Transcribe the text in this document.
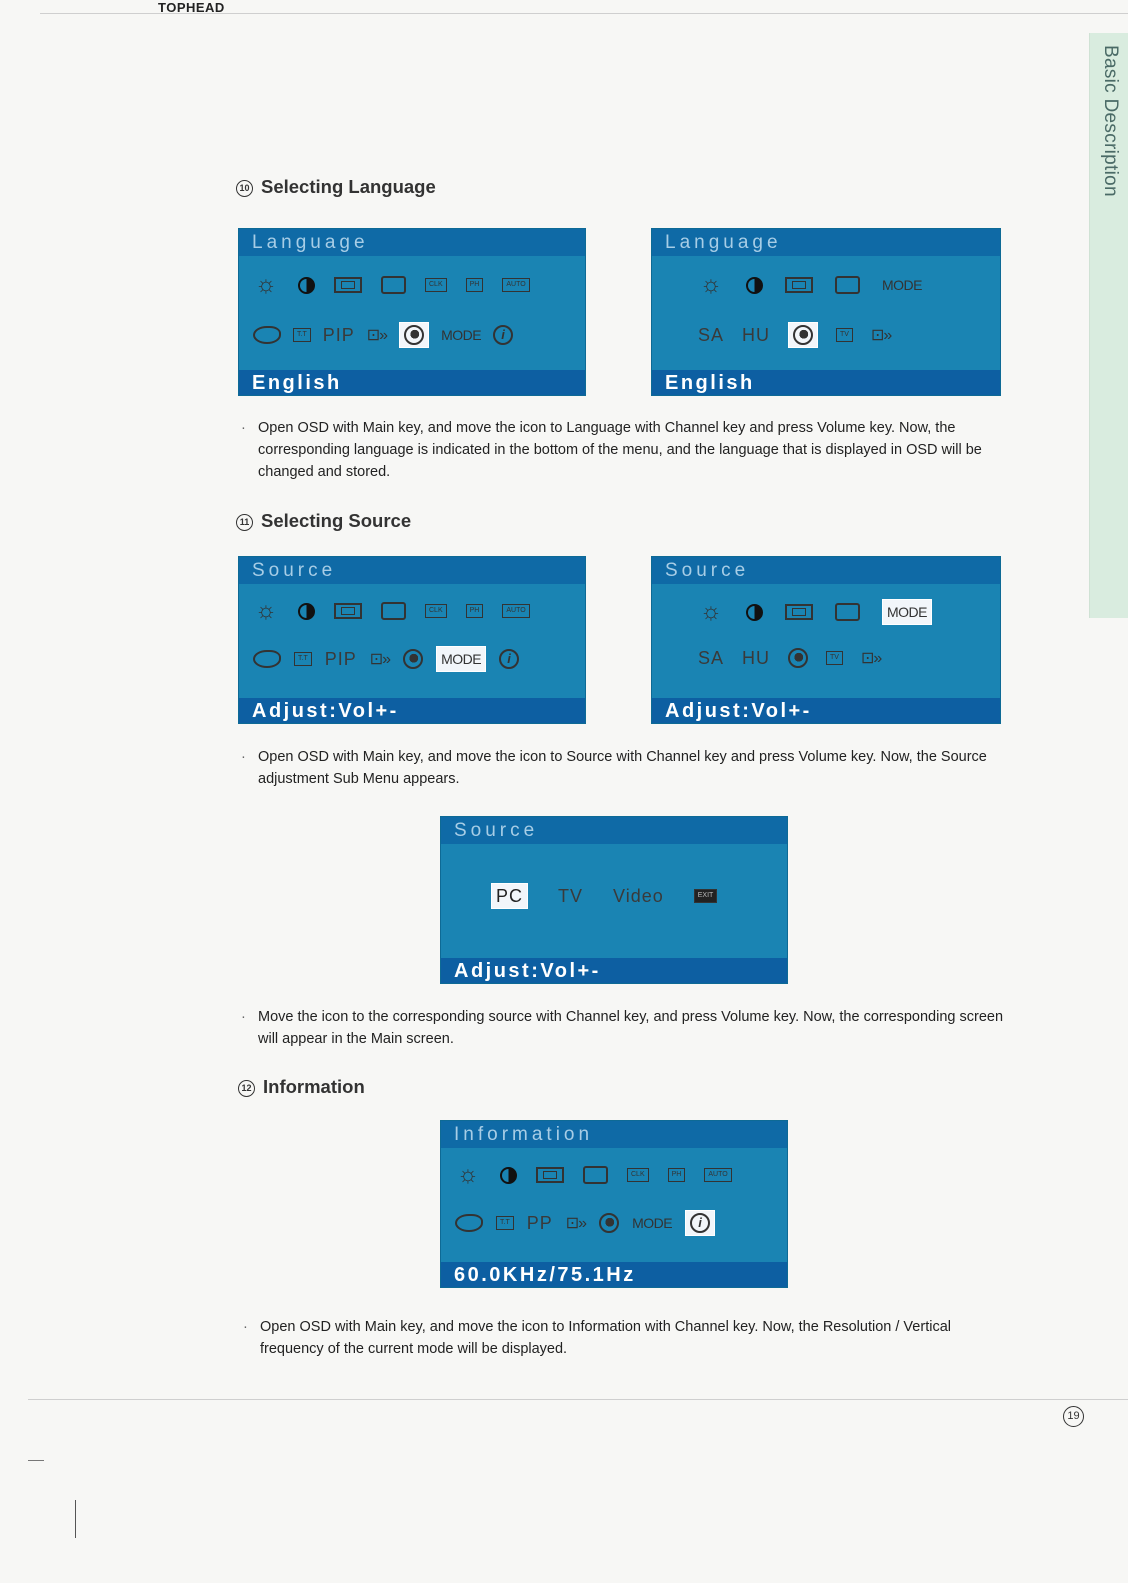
TOPHEAD
Basic Description
10 Selecting Language
Language
☼	CLK	PH	AUTO
T.T PIP ⊡»	MODE	i
English
Language
☼	MODE
SA HU	TV ⊡»
English
· Open OSD with Main key, and move the icon to Language with Channel key and press Volume key. Now, the corresponding language is indicated in the bottom of the menu, and the language that is displayed in OSD will be changed and stored.
11 Selecting Source
Source
☼	CLK	PH	AUTO
T.T PIP ⊡»	MODE	i
Adjust:Vol+-
Source
☼	MODE
SA HU	TV ⊡»
Adjust:Vol+-
· Open OSD with Main key, and move the icon to Source with Channel key and press Volume key. Now, the Source adjustment Sub Menu appears.
Source
PC TV Video	EXIT
Adjust:Vol+-
· Move the icon to the corresponding source with Channel key, and press Volume key. Now, the corresponding screen will appear in the Main screen.
12 Information
Information
☼	CLK	PH	AUTO
T.T PP ⊡»	MODE	i
60.0KHz/75.1Hz
· Open OSD with Main key, and move the icon to Information with Channel key. Now, the Resolution / Vertical frequency of the current mode will be displayed.
19
